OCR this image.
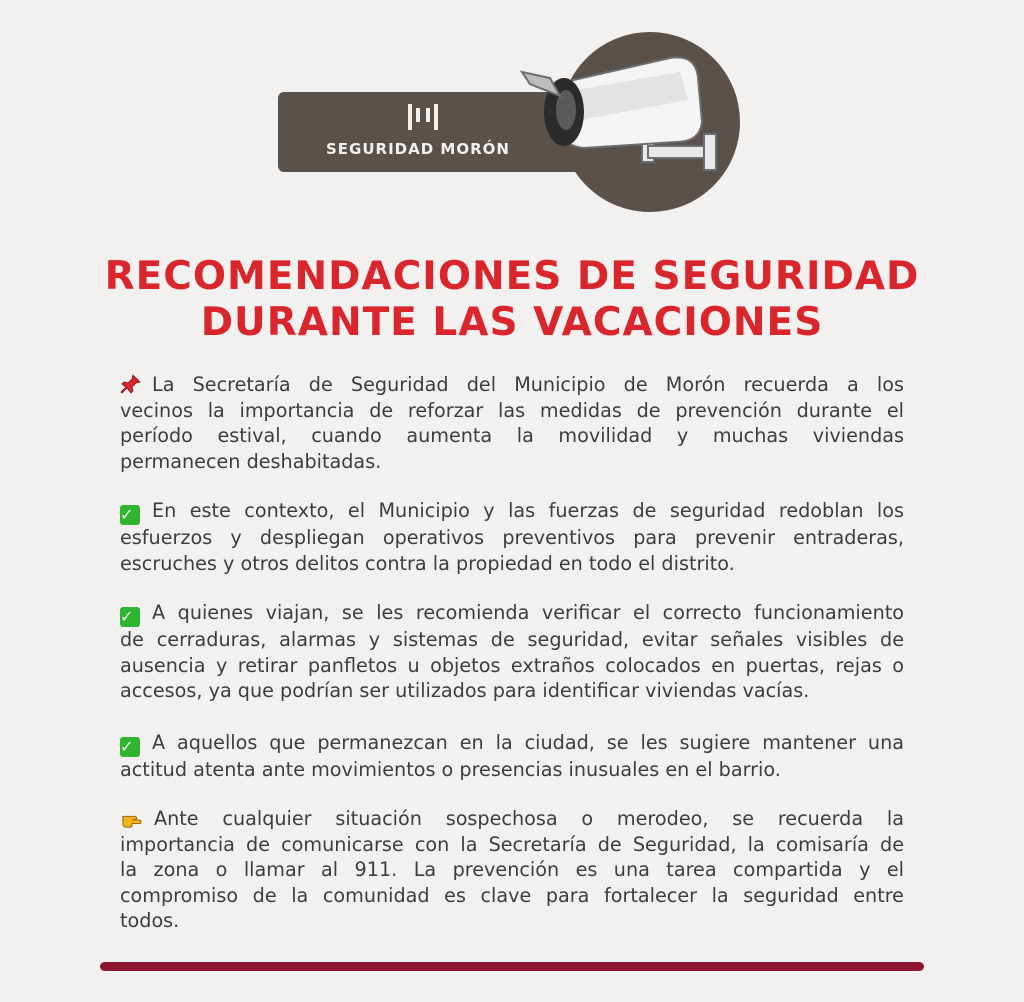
SEGURIDAD MORÓN
RECOMENDACIONES DE SEGURIDAD
DURANTE LAS VACACIONES
La Secretaría de Seguridad del Municipio de Morón recuerda a los
vecinos la importancia de reforzar las medidas de prevención durante el
período estival, cuando aumenta la movilidad y muchas viviendas
permanecen deshabitadas.
✓ En este contexto, el Municipio y las fuerzas de seguridad redoblan los
esfuerzos y despliegan operativos preventivos para prevenir entraderas,
escruches y otros delitos contra la propiedad en todo el distrito.
✓ A quienes viajan, se les recomienda verificar el correcto funcionamiento
de cerraduras, alarmas y sistemas de seguridad, evitar señales visibles de
ausencia y retirar panfletos u objetos extraños colocados en puertas, rejas o
accesos, ya que podrían ser utilizados para identificar viviendas vacías.
✓ A aquellos que permanezcan en la ciudad, se les sugiere mantener una
actitud atenta ante movimientos o presencias inusuales en el barrio.
Ante cualquier situación sospechosa o merodeo, se recuerda la
importancia de comunicarse con la Secretaría de Seguridad, la comisaría de
la zona o llamar al 911. La prevención es una tarea compartida y el
compromiso de la comunidad es clave para fortalecer la seguridad entre
todos.
